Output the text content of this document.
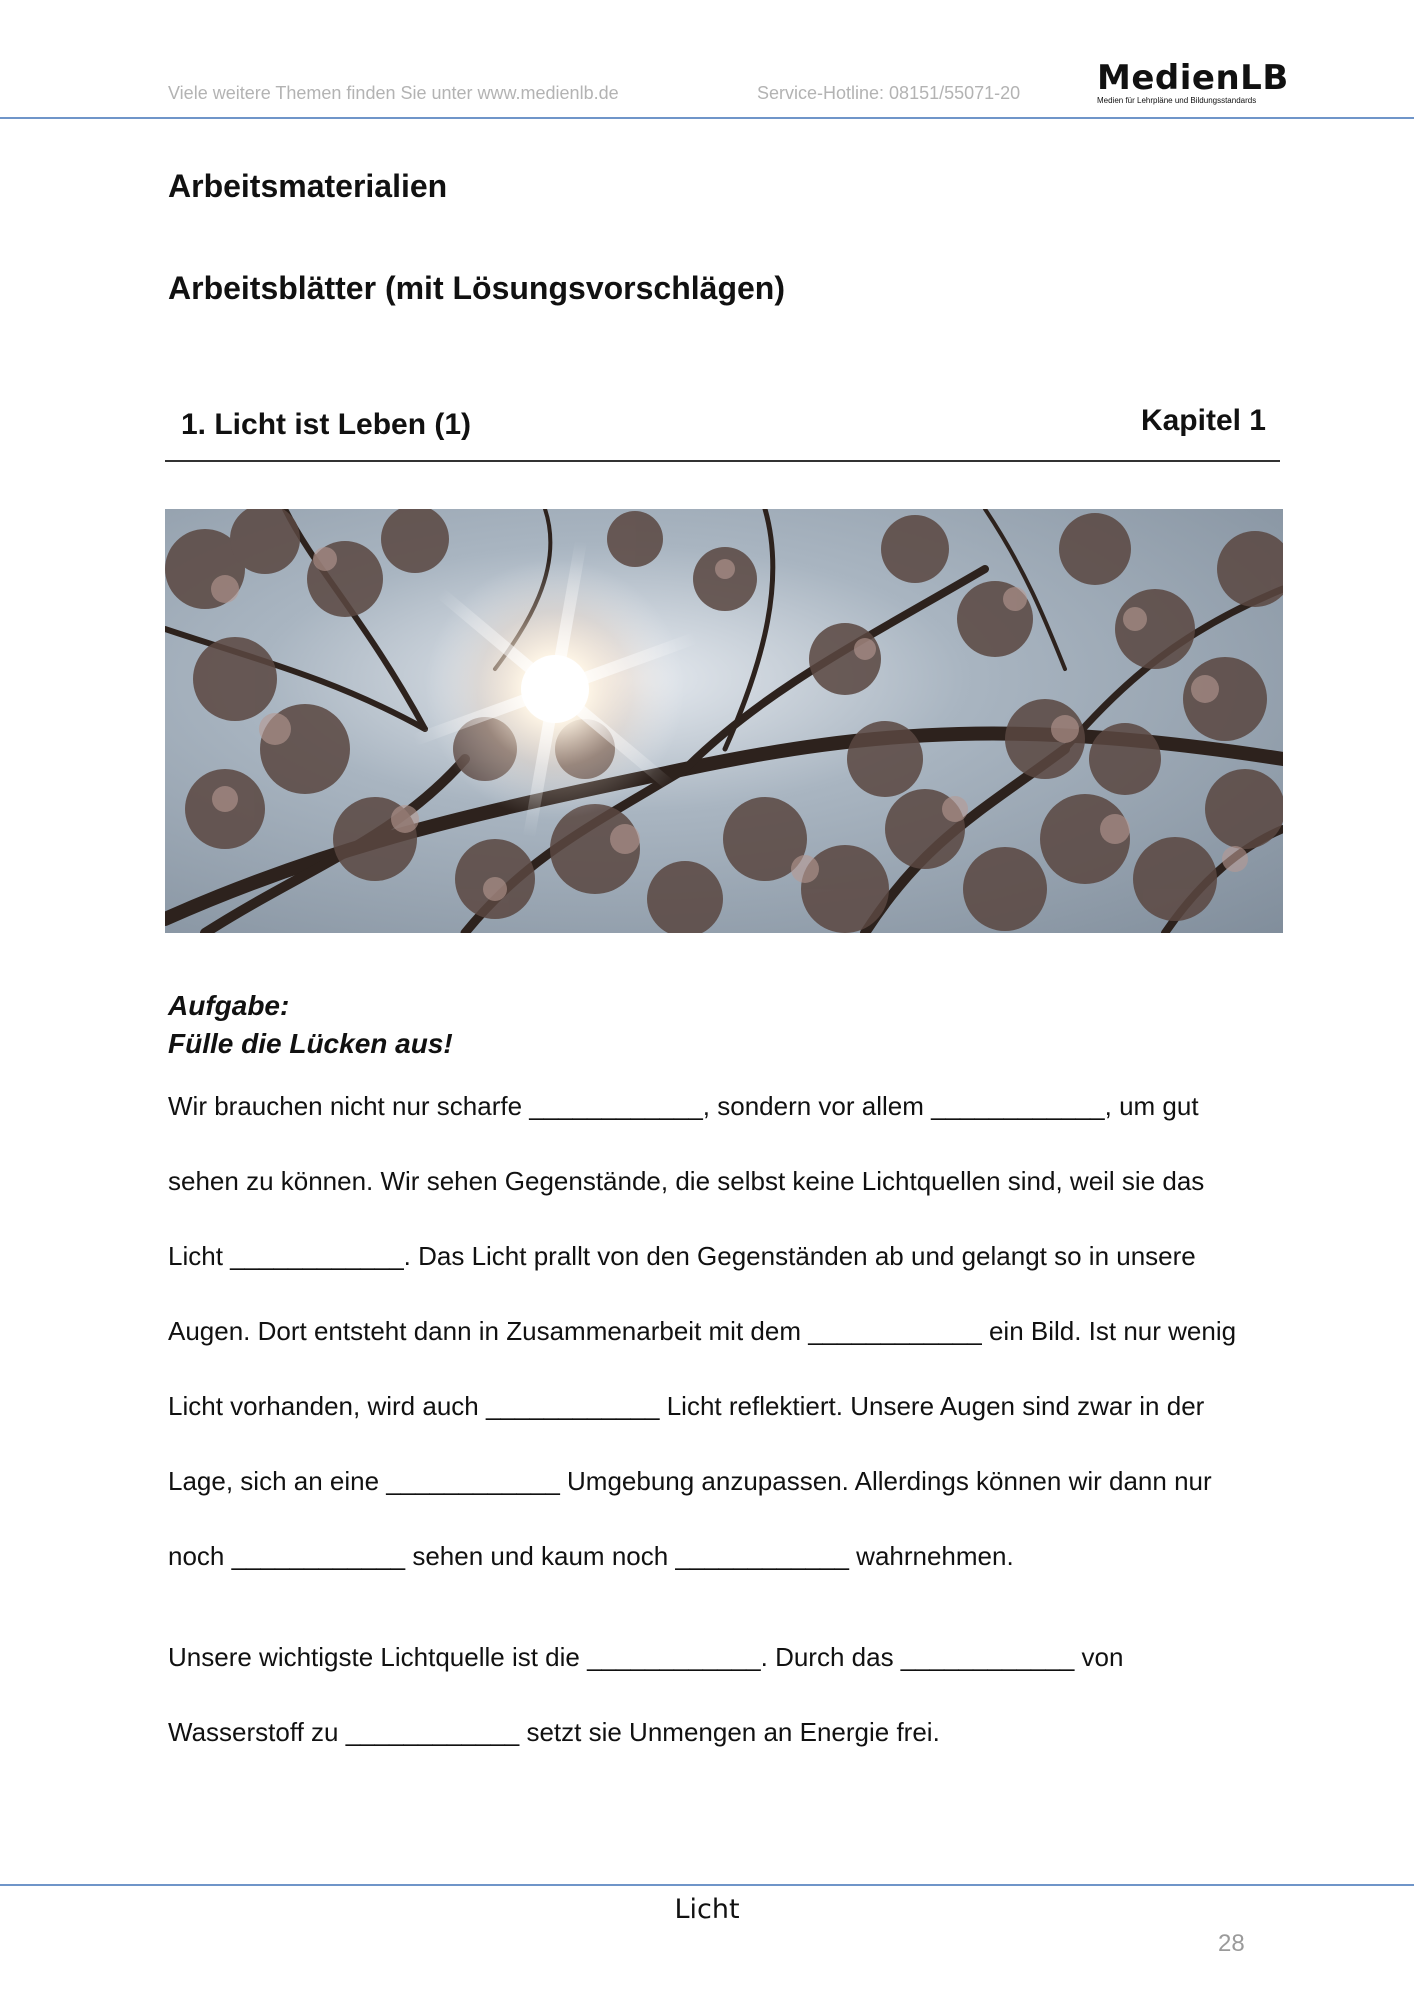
Viele weitere Themen finden Sie unter www.medienlb.de	Service-Hotline: 08151/55071-20 MedienLB
Medien für Lehrpläne und Bildungsstandards
Arbeitsmaterialien
Arbeitsblätter (mit Lösungsvorschlägen)
1. Licht ist Leben (1)	Kapitel 1
Aufgabe:
Fülle die Lücken aus!
Wir brauchen nicht nur scharfe ____________, sondern vor allem ____________, um gut
sehen zu können. Wir sehen Gegenstände, die selbst keine Lichtquellen sind, weil sie das
Licht ____________. Das Licht prallt von den Gegenständen ab und gelangt so in unsere
Augen. Dort entsteht dann in Zusammenarbeit mit dem ____________ ein Bild. Ist nur wenig
Licht vorhanden, wird auch ____________ Licht reflektiert. Unsere Augen sind zwar in der
Lage, sich an eine ____________ Umgebung anzupassen. Allerdings können wir dann nur
noch ____________ sehen und kaum noch ____________ wahrnehmen.
Unsere wichtigste Lichtquelle ist die ____________. Durch das ____________ von
Wasserstoff zu ____________ setzt sie Unmengen an Energie frei.
Licht
28
